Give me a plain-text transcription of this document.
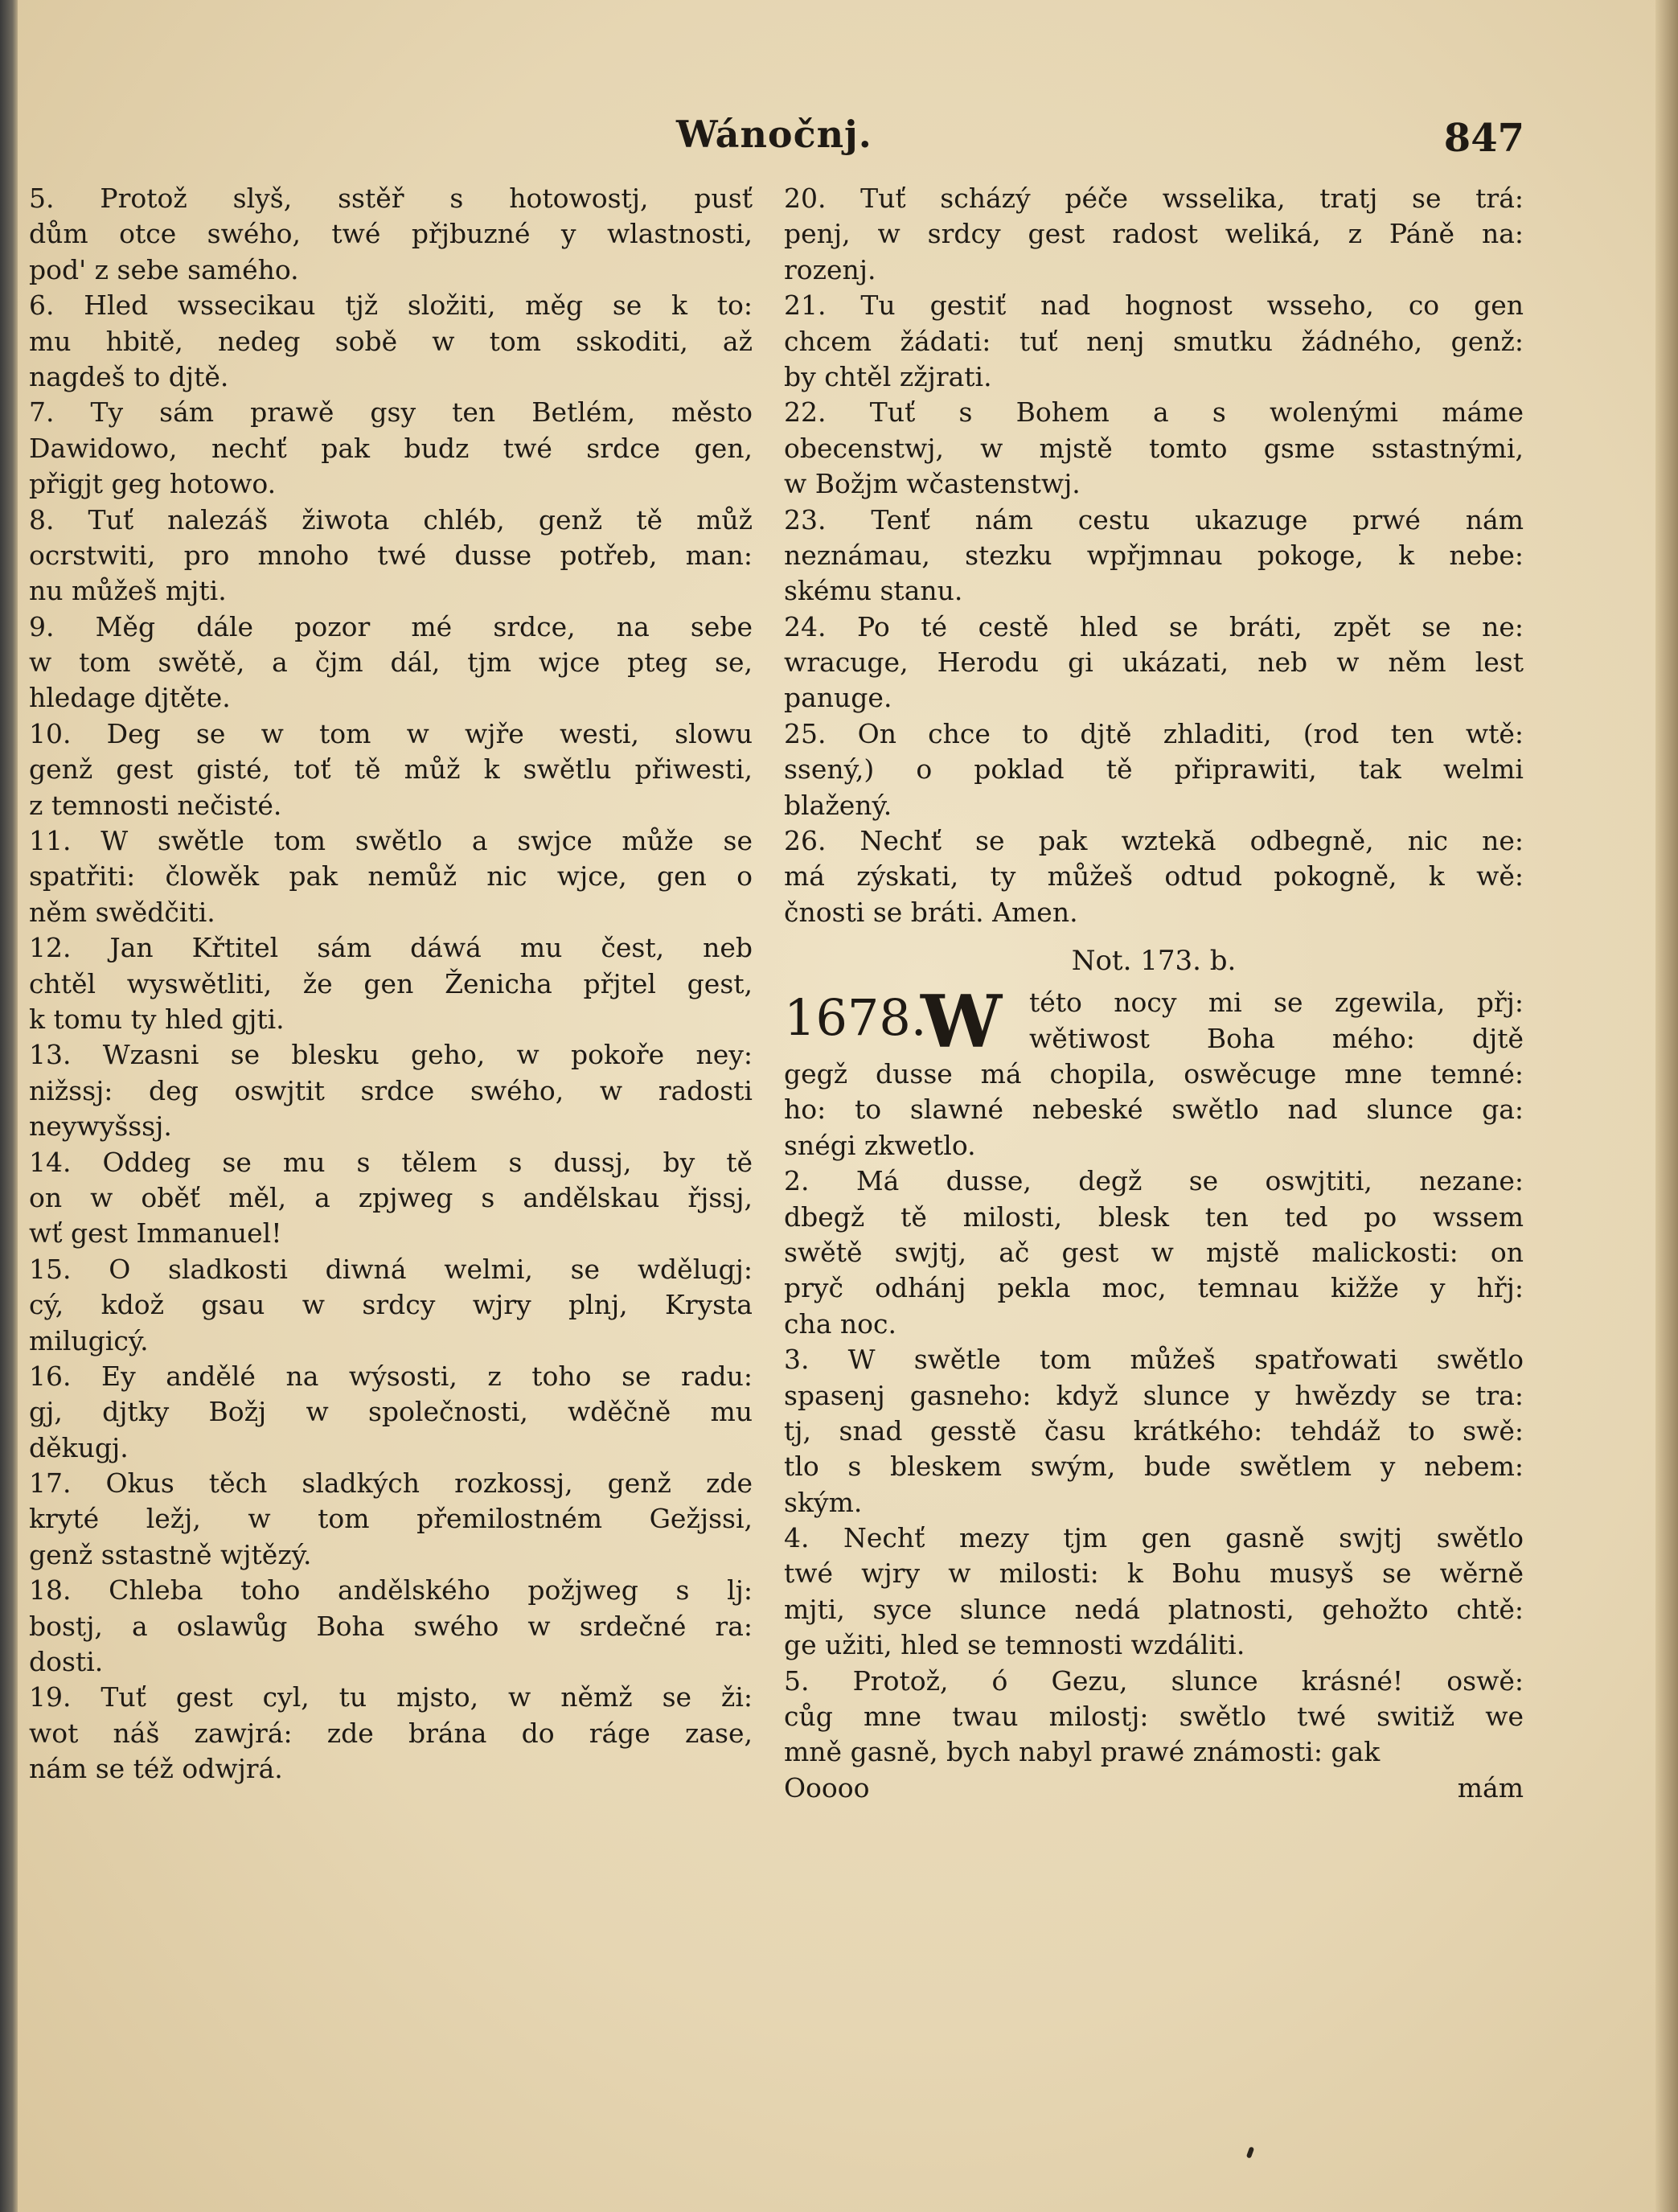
Wánočnj.	847
5. Protož slyš, sstěř s hotowostj, pusť
dům otce swého, twé přjbuzné y wlastnosti,
pod' z sebe samého.
6. Hled wssecikau tjž složiti, měg se k to:
mu hbitě, nedeg sobě w tom sskoditi, až
nagdeš to djtě.
7. Ty sám prawě gsy ten Betlém, město
Dawidowo, nechť pak budz twé srdce gen,
přigjt geg hotowo.
8. Tuť nalezáš žiwota chléb, genž tě můž
ocrstwiti, pro mnoho twé dusse potřeb, man:
nu můžeš mjti.
9. Měg dále pozor mé srdce, na sebe
w tom swětě, a čjm dál, tjm wjce pteg se,
hledage djtěte.
10. Deg se w tom w wjře westi, slowu
genž gest gisté, toť tě můž k swětlu přiwesti,
z temnosti nečisté.
11. W swětle tom swětlo a swjce může se
spatřiti: člowěk pak nemůž nic wjce, gen o
něm swědčiti.
12. Jan Křtitel sám dáwá mu čest, neb
chtěl wyswětliti, že gen Ženicha přjtel gest,
k tomu ty hled gjti.
13. Wzasni se blesku geho, w pokoře ney:
nižssj: deg oswjtit srdce swého, w radosti
neywyšssj.
14. Oddeg se mu s tělem s dussj, by tě
on w oběť měl, a zpjweg s andělskau řjssj,
wť gest Immanuel!
15. O sladkosti diwná welmi, se wdělugj:
cý, kdož gsau w srdcy wjry plnj, Krysta
milugicý.
16. Ey andělé na wýsosti, z toho se radu:
gj, djtky Božj w společnosti, wděčně mu
děkugj.
17. Okus těch sladkých rozkossj, genž zde
kryté ležj, w tom přemilostném Gežjssi,
genž sstastně wjtězý.
18. Chleba toho andělského požjweg s lj:
bostj, a oslawůg Boha swého w srdečné ra:
dosti.
19. Tuť gest cyl, tu mjsto, w němž se ži:
wot náš zawjrá: zde brána do ráge zase,
nám se též odwjrá.
20. Tuť scházý péče wsselika, tratj se trá:
penj, w srdcy gest radost weliká, z Páně na:
rozenj.
21. Tu gestiť nad hognost wsseho, co gen
chcem žádati: tuť nenj smutku žádného, genž:
by chtěl zžjrati.
22. Tuť s Bohem a s wolenými máme
obecenstwj, w mjstě tomto gsme sstastnými,
w Božjm wčastenstwj.
23. Tenť nám cestu ukazuge prwé nám
neznámau, stezku wpřjmnau pokoge, k nebe:
skému stanu.
24. Po té cestě hled se bráti, zpět se ne:
wracuge, Herodu gi ukázati, neb w něm lest
panuge.
25. On chce to djtě zhladiti, (rod ten wtě:
ssený,) o poklad tě připrawiti, tak welmi
blažený.
26. Nechť se pak wztekă odbegně, nic ne:
má zýskati, ty můžeš odtud pokogně, k wě:
čnosti se bráti. Amen.
Not. 173. b.
1678.
W této nocy mi se zgewila, přj:
wětiwost Boha mého: djtě
gegž dusse má chopila, oswěcuge mne temné:
ho: to slawné nebeské swětlo nad slunce ga:
snégi zkwetlo.
2. Má dusse, degž se oswjtiti, nezane:
dbegž tě milosti, blesk ten ted po wssem
swětě swjtj, ač gest w mjstě malickosti: on
pryč odhánj pekla moc, temnau kižže y hřj:
cha noc.
3. W swětle tom můžeš spatřowati swětlo
spasenj gasneho: když slunce y hwězdy se tra:
tj, snad gesstě času krátkého: tehdáž to swě:
tlo s bleskem swým, bude swětlem y nebem:
ským.
4. Nechť mezy tjm gen gasně swjtj swětlo
twé wjry w milosti: k Bohu musyš se wěrně
mjti, syce slunce nedá platnosti, gehožto chtě:
ge užiti, hled se temnosti wzdáliti.
5. Protož, ó Gezu, slunce krásné! oswě:
cůg mne twau milostj: swětlo twé switiž we
mně gasně, bych nabyl prawé známosti: gak
Ooooo	mám
